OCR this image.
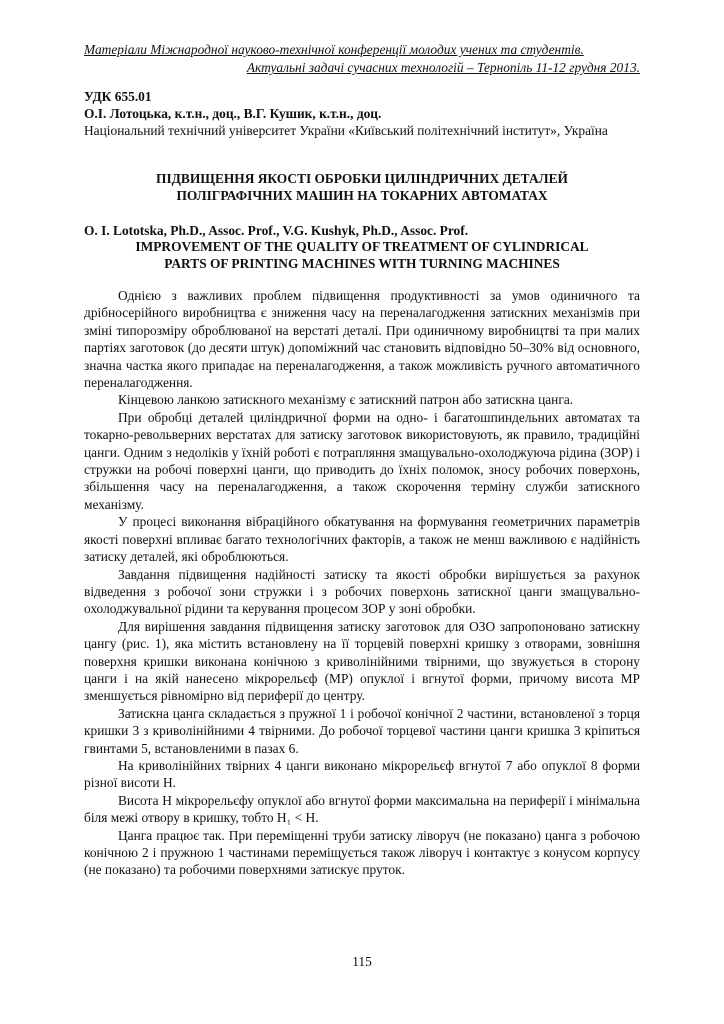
Матеріали Міжнародної науково-технічної конференції молодих учених та студентів.
Актуальні задачі сучасних технологій – Тернопіль 11-12 грудня 2013.
УДК 655.01
О.І. Лотоцька, к.т.н., доц., В.Г. Кушик, к.т.н., доц.
Національний технічний університет України «Київський політехнічний інститут», Україна
ПІДВИЩЕННЯ ЯКОСТІ ОБРОБКИ ЦИЛІНДРИЧНИХ ДЕТАЛЕЙ
ПОЛІГРАФІЧНИХ МАШИН НА ТОКАРНИХ АВТОМАТАХ
O. I. Lototska, Ph.D., Assoc. Prof., V.G. Kushyk, Ph.D., Assoc. Prof.
IMPROVEMENT OF THE QUALITY OF TREATMENT OF CYLINDRICAL
PARTS OF PRINTING MACHINES WITH TURNING MACHINES

Однією з важливих проблем підвищення продуктивності за умов одиничного та дрібносерійного виробництва є зниження часу на переналагодження затискних механізмів при зміні типорозміру оброблюваної на верстаті деталі. При одиничному виробництві та при малих партіях заготовок (до десяти штук) допоміжний час становить відповідно 50–30% від основного, значна частка якого припадає на переналагодження, а також можливість ручного автоматичного переналагодження.

Кінцевою ланкою затискного механізму є затискний патрон або затискна цанга.

При обробці деталей циліндричної форми на одно- і багатошпиндельних автоматах та токарно-револьверних верстатах для затиску заготовок використовують, як правило, традиційні цанги. Одним з недоліків у їхній роботі є потрапляння змащувально-охолоджуюча рідина (ЗОР) і стружки на робочі поверхні цанги, що приводить до їхніх поломок, зносу робочих поверхонь, збільшення часу на переналагодження, а також скорочення терміну служби затискного механізму.

У процесі виконання вібраційного обкатування на формування геометричних параметрів якості поверхні впливає багато технологічних факторів, а також не менш важливою є надійність затиску деталей, які оброблюються.

Завдання підвищення надійності затиску та якості обробки вирішується за рахунок відведення з робочої зони стружки і з робочих поверхонь затискної цанги змащувально-охолоджувальної рідини та керування процесом ЗОР у зоні обробки.

Для вирішення завдання підвищення затиску заготовок для ОЗО запропоновано затискну цангу (рис. 1), яка містить встановлену на її торцевій поверхні кришку з отворами, зовнішня поверхня кришки виконана конічною з криволінійними твірними, що звужується в сторону цанги і на якій нанесено мікрорельєф (МР) опуклої і вгнутої форми, причому висота МР зменшується рівномірно від периферії до центру.

Затискна цанга складається з пружної 1 і робочої конічної 2 частини, встановленої з торця кришки 3 з криволінійними 4 твірними. До робочої торцевої частини цанги кришка 3 кріпиться гвинтами 5, встановленими в пазах 6.

На криволінійних твірних 4 цанги виконано мікрорельєф вгнутої 7 або опуклої 8 форми різної висоти H.

Висота H мікрорельєфу опуклої або вгнутої форми максимальна на периферії і мінімальна біля межі отвору в кришку, тобто H₁ < H.

Цанга працює так. При переміщенні труби затиску ліворуч (не показано) цанга з робочою конічною 2 і пружною 1 частинами переміщується також ліворуч і контактує з конусом корпусу (не показано) та робочими поверхнями затискує пруток.

115
